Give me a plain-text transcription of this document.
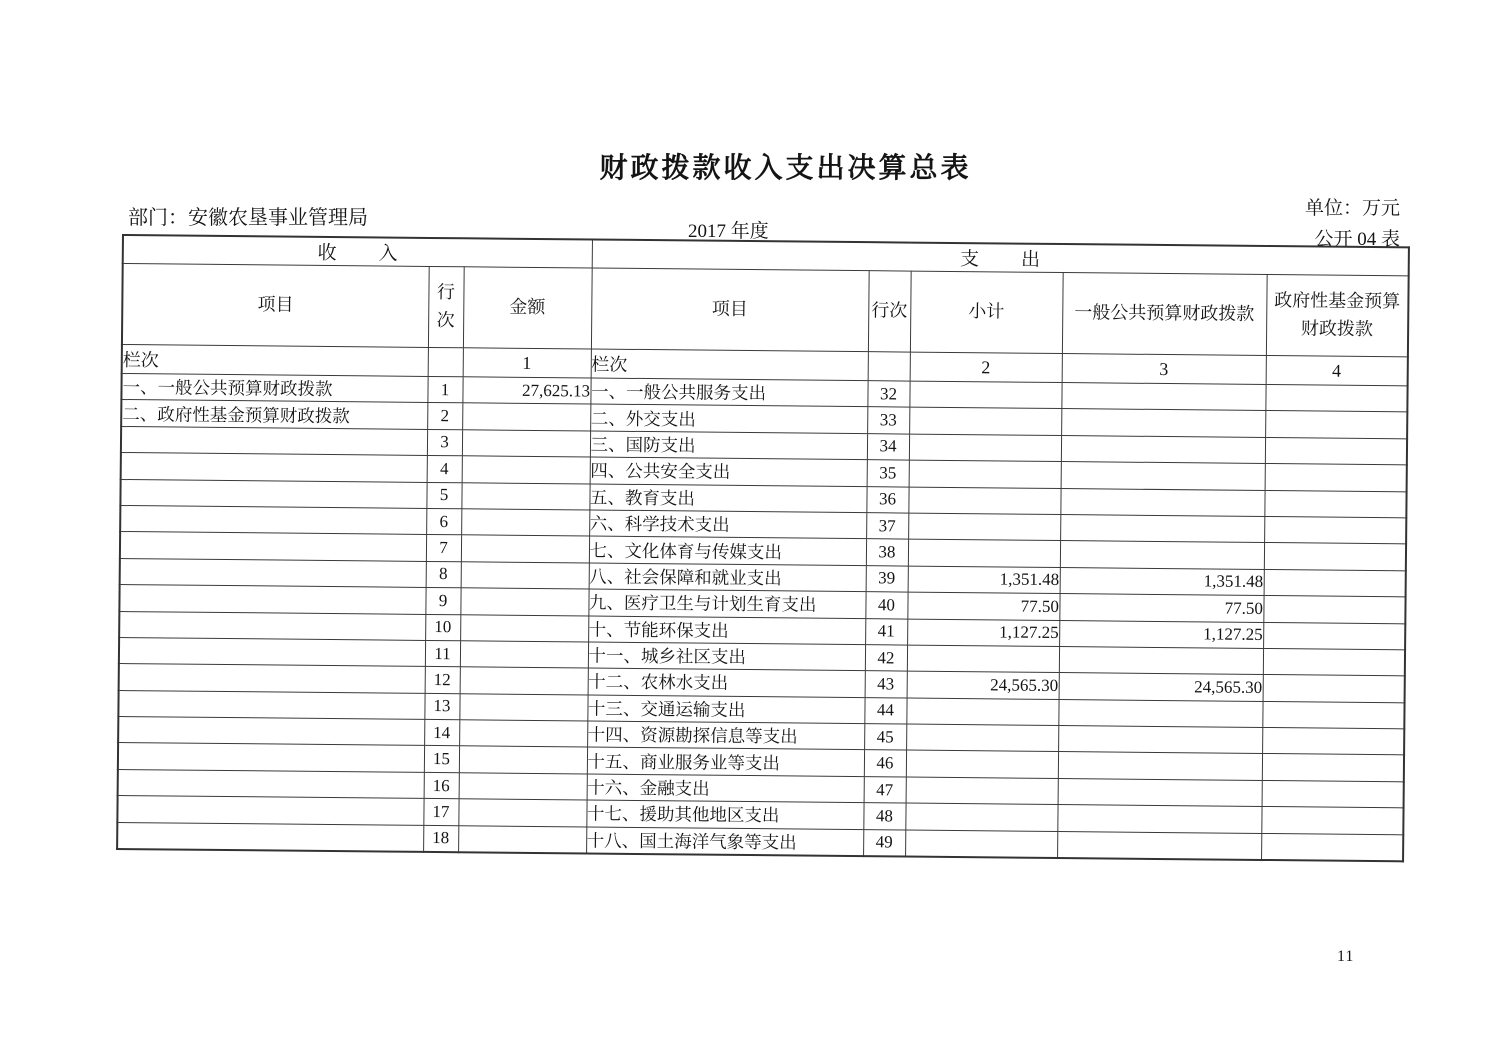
财政拨款收入支出决算总表
部门：安徽农垦事业管理局
2017 年度
单位：万元
公开 04 表
收入			支出				
项目	行次	金额	项目	行次	小计	一般公共预算财政拨款	政府性基金预算财政拨款
栏次		1	栏次		2	3	4
一、一般公共预算财政拨款	1	27,625.13	一、一般公共服务支出	32			
二、政府性基金预算财政拨款	2		二、外交支出	33			
	3		三、国防支出	34			
	4		四、公共安全支出	35			
	5		五、教育支出	36			
	6		六、科学技术支出	37			
	7		七、文化体育与传媒支出	38			
	8		八、社会保障和就业支出	39	1,351.48	1,351.48	
	9		九、医疗卫生与计划生育支出	40	77.50	77.50	
	10		十、节能环保支出	41	1,127.25	1,127.25	
	11		十一、城乡社区支出	42			
	12		十二、农林水支出	43	24,565.30	24,565.30	
	13		十三、交通运输支出	44			
	14		十四、资源勘探信息等支出	45			
	15		十五、商业服务业等支出	46			
	16		十六、金融支出	47			
	17		十七、援助其他地区支出	48			
	18		十八、国土海洋气象等支出	49			
11
